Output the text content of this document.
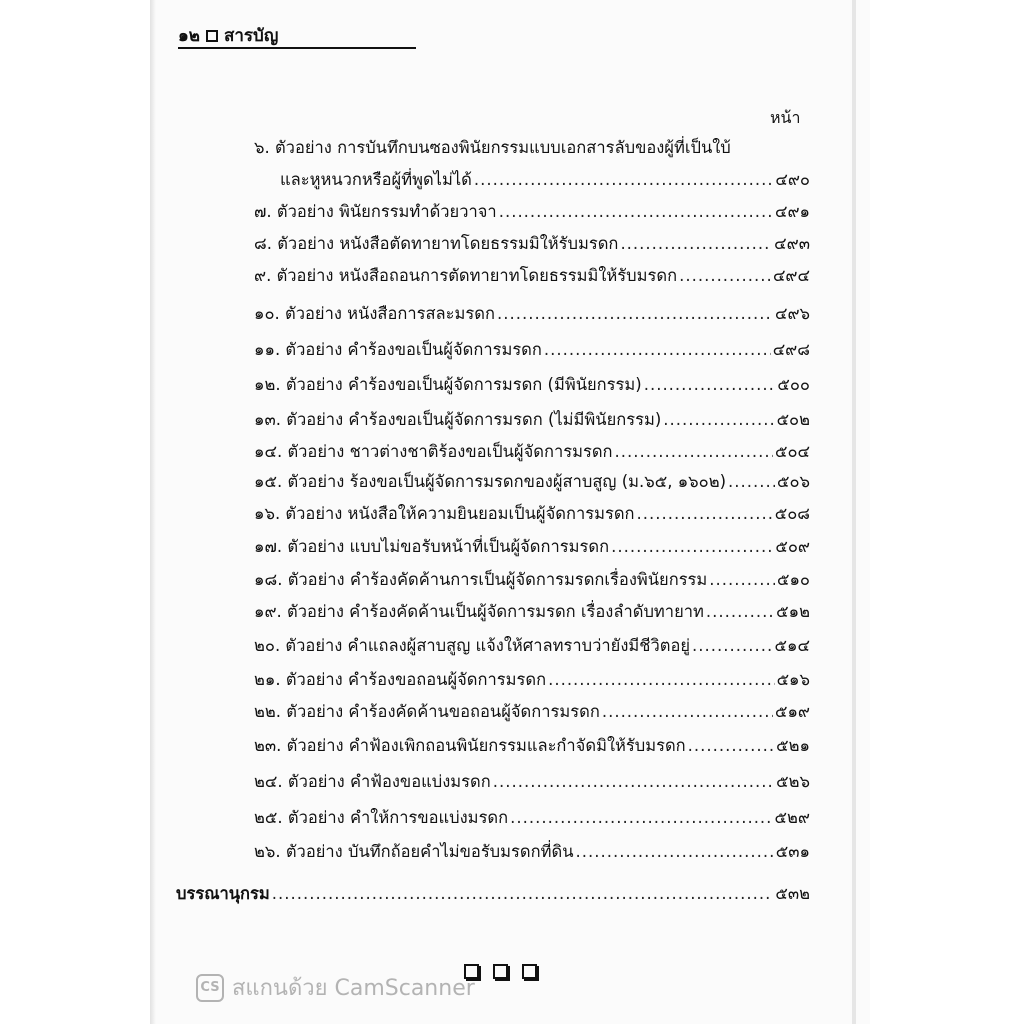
๑๒ สารบัญ
หน้า
๖. ตัวอย่าง การบันทึกบนซองพินัยกรรมแบบเอกสารลับของผู้ที่เป็นใบ้
และหูหนวกหรือผู้ที่พูดไม่ได้ .....	๔๙๐
๗. ตัวอย่าง พินัยกรรมทำด้วยวาจา .....	๔๙๑
๘. ตัวอย่าง หนังสือตัดทายาทโดยธรรมมิให้รับมรดก .....	๔๙๓
๙. ตัวอย่าง หนังสือถอนการตัดทายาทโดยธรรมมิให้รับมรดก .....	๔๙๔
๑๐. ตัวอย่าง หนังสือการสละมรดก .....	๔๙๖
๑๑. ตัวอย่าง คำร้องขอเป็นผู้จัดการมรดก .....	๔๙๘
๑๒. ตัวอย่าง คำร้องขอเป็นผู้จัดการมรดก (มีพินัยกรรม) .....	๕๐๐
๑๓. ตัวอย่าง คำร้องขอเป็นผู้จัดการมรดก (ไม่มีพินัยกรรม) .....	๕๐๒
๑๔. ตัวอย่าง ชาวต่างชาติร้องขอเป็นผู้จัดการมรดก .....	๕๐๔
๑๕. ตัวอย่าง ร้องขอเป็นผู้จัดการมรดกของผู้สาบสูญ (ม.๖๕, ๑๖๐๒) .....	๕๐๖
๑๖. ตัวอย่าง หนังสือให้ความยินยอมเป็นผู้จัดการมรดก .....	๕๐๘
๑๗. ตัวอย่าง แบบไม่ขอรับหน้าที่เป็นผู้จัดการมรดก .....	๕๐๙
๑๘. ตัวอย่าง คำร้องคัดค้านการเป็นผู้จัดการมรดกเรื่องพินัยกรรม .....	๕๑๐
๑๙. ตัวอย่าง คำร้องคัดค้านเป็นผู้จัดการมรดก เรื่องลำดับทายาท .....	๕๑๒
๒๐. ตัวอย่าง คำแถลงผู้สาบสูญ แจ้งให้ศาลทราบว่ายังมีชีวิตอยู่ .....	๕๑๔
๒๑. ตัวอย่าง คำร้องขอถอนผู้จัดการมรดก .....	๕๑๖
๒๒. ตัวอย่าง คำร้องคัดค้านขอถอนผู้จัดการมรดก .....	๕๑๙
๒๓. ตัวอย่าง คำฟ้องเพิกถอนพินัยกรรมและกำจัดมิให้รับมรดก .....	๕๒๑
๒๔. ตัวอย่าง คำฟ้องขอแบ่งมรดก .....	๕๒๖
๒๕. ตัวอย่าง คำให้การขอแบ่งมรดก .....	๕๒๙
๒๖. ตัวอย่าง บันทึกถ้อยคำไม่ขอรับมรดกที่ดิน .....	๕๓๑
บรรณานุกรม .....	๕๓๒
CS สแกนด้วย CamScanner
